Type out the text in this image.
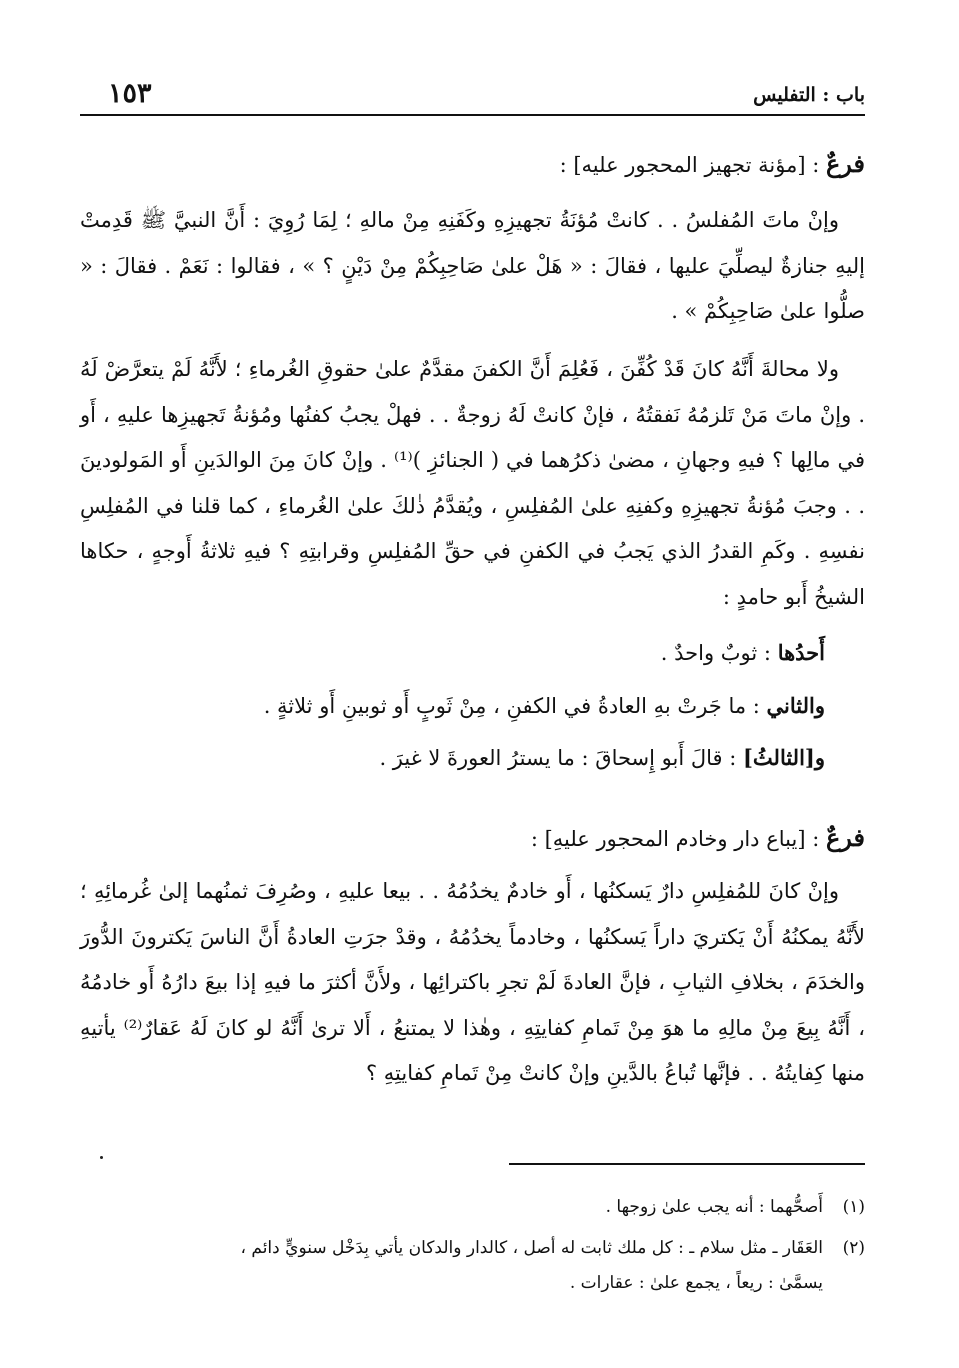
باب : التفليس
١٥٣
فرعٌ : [مؤنة تجهيز المحجور عليه] :

وإنْ ماتَ المُفلسُ . . كانتْ مُؤنَةُ تجهيزِهِ وكَفَنِهِ مِنْ مالهِ ؛ لِمَا رُوِيَ : أَنَّ النبيَّ ﷺ قَدِمتْ إليهِ جنازةٌ ليصلِّيَ عليها ، فقالَ : « هَلْ علىٰ صَاحِبِكُمْ مِنْ دَيْنٍ ؟ » ، فقالوا : نَعَمْ . فقالَ : « صلُّوا علىٰ صَاحِبِكُمْ » .

ولا محالةَ أَنَّهُ كانَ قَدْ كُفِّنَ ، فَعُلِمَ أَنَّ الكفنَ مقدَّمٌ علىٰ حقوقِ الغُرماءِ ؛ لأَنَّهُ لَمْ يتعرَّضْ لَهُ . وإنْ ماتَ مَنْ تَلزمُهُ نَفقتُهُ ، فإنْ كانتْ لَهُ زوجةٌ . . فهلْ يجبُ كفنُها ومُؤنةُ تَجهيزِها عليهِ ، أَو في مالِها ؟ فيهِ وجهانِ ، مضىٰ ذكرُهما في ( الجنائزِ )⁽¹⁾ . وإنْ كانَ مِنَ الوالدَينِ أَو المَولودينَ . . وجبَ مُؤنةُ تجهيزِهِ وكفنِهِ علىٰ المُفلِسِ ، ويُقدَّمُ ذٰلكَ علىٰ الغُرماءِ ، كما قلنا في المُفلِسِ نفسِهِ . وكَمِ القدرُ الذي يَجبُ في الكفنِ في حقِّ المُفلِسِ وقرابتِهِ ؟ فيهِ ثلاثةُ أَوجهٍ ، حكاها الشيخُ أَبو حامدٍ :

أَحدُها : ثوبٌ واحدٌ .
والثاني : ما جَرتْ بهِ العادةُ في الكفنِ ، مِنْ ثَوبٍ أَو ثوبينِ أَو ثلاثةٍ .
و[الثالثُ] : قالَ أَبو إِسحاقَ : ما يسترُ العورةَ لا غيرَ .
فرعٌ : [يباع دار وخادم المحجور عليهِ] :

وإنْ كانَ للمُفلِسِ دارٌ يَسكنُها ، أَو خادمٌ يخدُمُهُ . . بيعا عليهِ ، وصُرِفَ ثمنُهما إلىٰ غُرمائِهِ ؛ لأَنَّهُ يمكنُهُ أَنْ يَكتريَ داراً يَسكنُها ، وخادماً يخدُمُهُ ، وقدْ جرَتِ العادةُ أَنَّ الناسَ يَكترونَ الدُّورَ والخدَمَ ، بخلافِ الثيابِ ، فإنَّ العادةَ لَمْ تجرِ باكترائِها ، ولأَنَّ أكثرَ ما فيهِ إذا بيعَ دارُهُ أَو خادمُهُ ، أَنَّهُ بِيعَ مِنْ مالِهِ ما هوَ مِنْ تَمامِ كفايتِهِ ، وهٰذا لا يمتنعُ ، أَلا ترىٰ أَنَّهُ لو كانَ لَهُ عَقارٌ⁽²⁾ يأتيهِ منها كِفايتُهُ . . فإنَّها تُباعُ بالدَّينِ وإنْ كانتْ مِنْ تَمامِ كفايتِهِ ؟

(١)أَصحُّهما : أنه يجب علىٰ زوجها .
(٢)العَقَار ـ مثل سلام ـ : كل ملك ثابت له أصل ، كالدار والدكان يأتي بِدَخْل سنويٍّ دائم ،
يسمَّىٰ : ريعاً ، يجمع علىٰ : عقارات .
